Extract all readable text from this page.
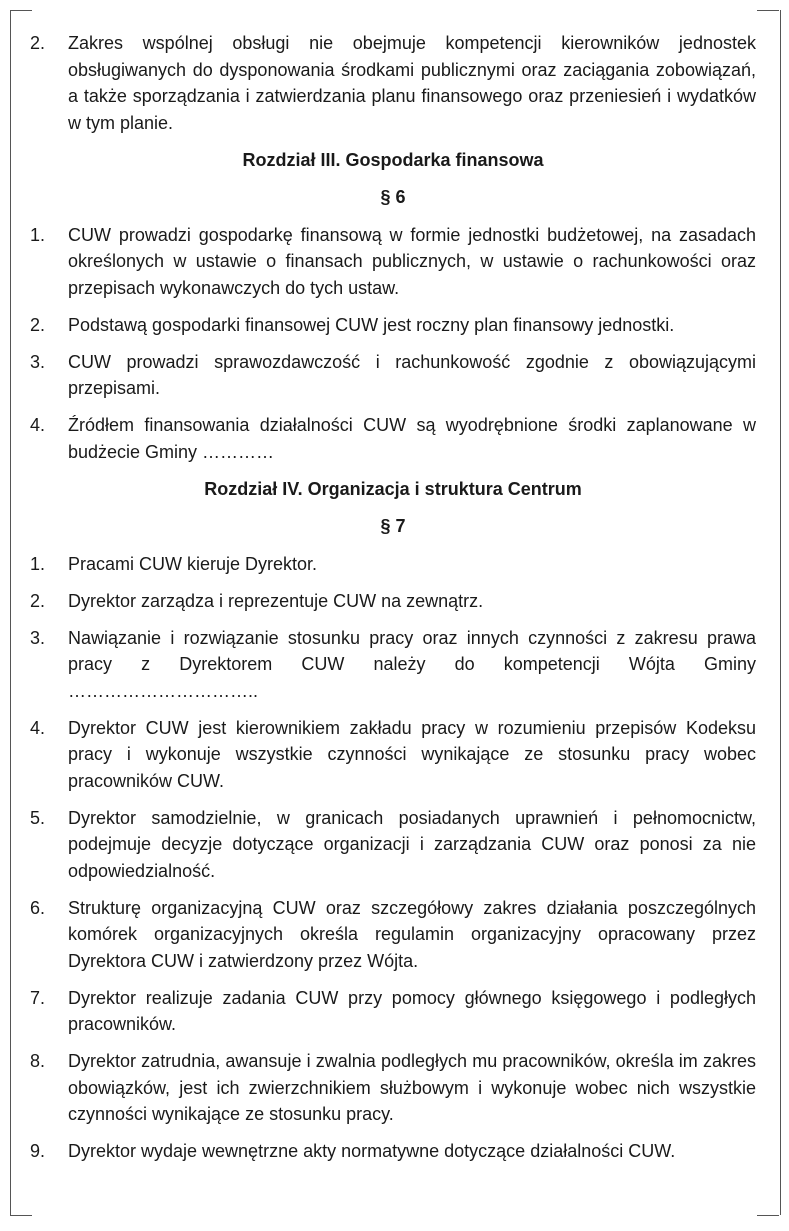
2.	Zakres wspólnej obsługi nie obejmuje kompetencji kierowników jednostek obsługiwanych do dysponowania środkami publicznymi oraz zaciągania zobowiązań, a także sporządzania i zatwierdzania planu finansowego oraz przeniesień i wydatków w tym planie.
Rozdział III. Gospodarka finansowa
§ 6
1.	CUW prowadzi gospodarkę finansową w formie jednostki budżetowej, na zasadach określonych w ustawie o finansach publicznych, w ustawie o rachunkowości oraz przepisach wykonawczych do tych ustaw.
2.	Podstawą gospodarki finansowej CUW jest roczny plan finansowy jednostki.
3.	CUW prowadzi sprawozdawczość i rachunkowość zgodnie z obowiązującymi przepisami.
4.	Źródłem finansowania działalności CUW są wyodrębnione środki zaplanowane w budżecie Gminy …………
Rozdział IV. Organizacja i struktura Centrum
§ 7
1.	Pracami CUW kieruje Dyrektor.
2.	Dyrektor zarządza i reprezentuje CUW na zewnątrz.
3.	Nawiązanie i rozwiązanie stosunku pracy oraz innych czynności z zakresu prawa pracy z Dyrektorem CUW należy do kompetencji Wójta Gminy …………………………..
4.	Dyrektor CUW jest kierownikiem zakładu pracy w rozumieniu przepisów Kodeksu pracy i wykonuje wszystkie czynności wynikające ze stosunku pracy wobec pracowników CUW.
5.	Dyrektor samodzielnie, w granicach posiadanych uprawnień i pełnomocnictw, podejmuje decyzje dotyczące organizacji i zarządzania CUW oraz ponosi za nie odpowiedzialność.
6.	Strukturę organizacyjną CUW oraz szczegółowy zakres działania poszczególnych komórek organizacyjnych określa regulamin organizacyjny opracowany przez Dyrektora CUW i zatwierdzony przez Wójta.
7.	Dyrektor realizuje zadania CUW przy pomocy głównego księgowego i podległych pracowników.
8.	Dyrektor zatrudnia, awansuje i zwalnia podległych mu pracowników, określa im zakres obowiązków, jest ich zwierzchnikiem służbowym i wykonuje wobec nich wszystkie czynności wynikające ze stosunku pracy.
9.	Dyrektor wydaje wewnętrzne akty normatywne dotyczące działalności CUW.
